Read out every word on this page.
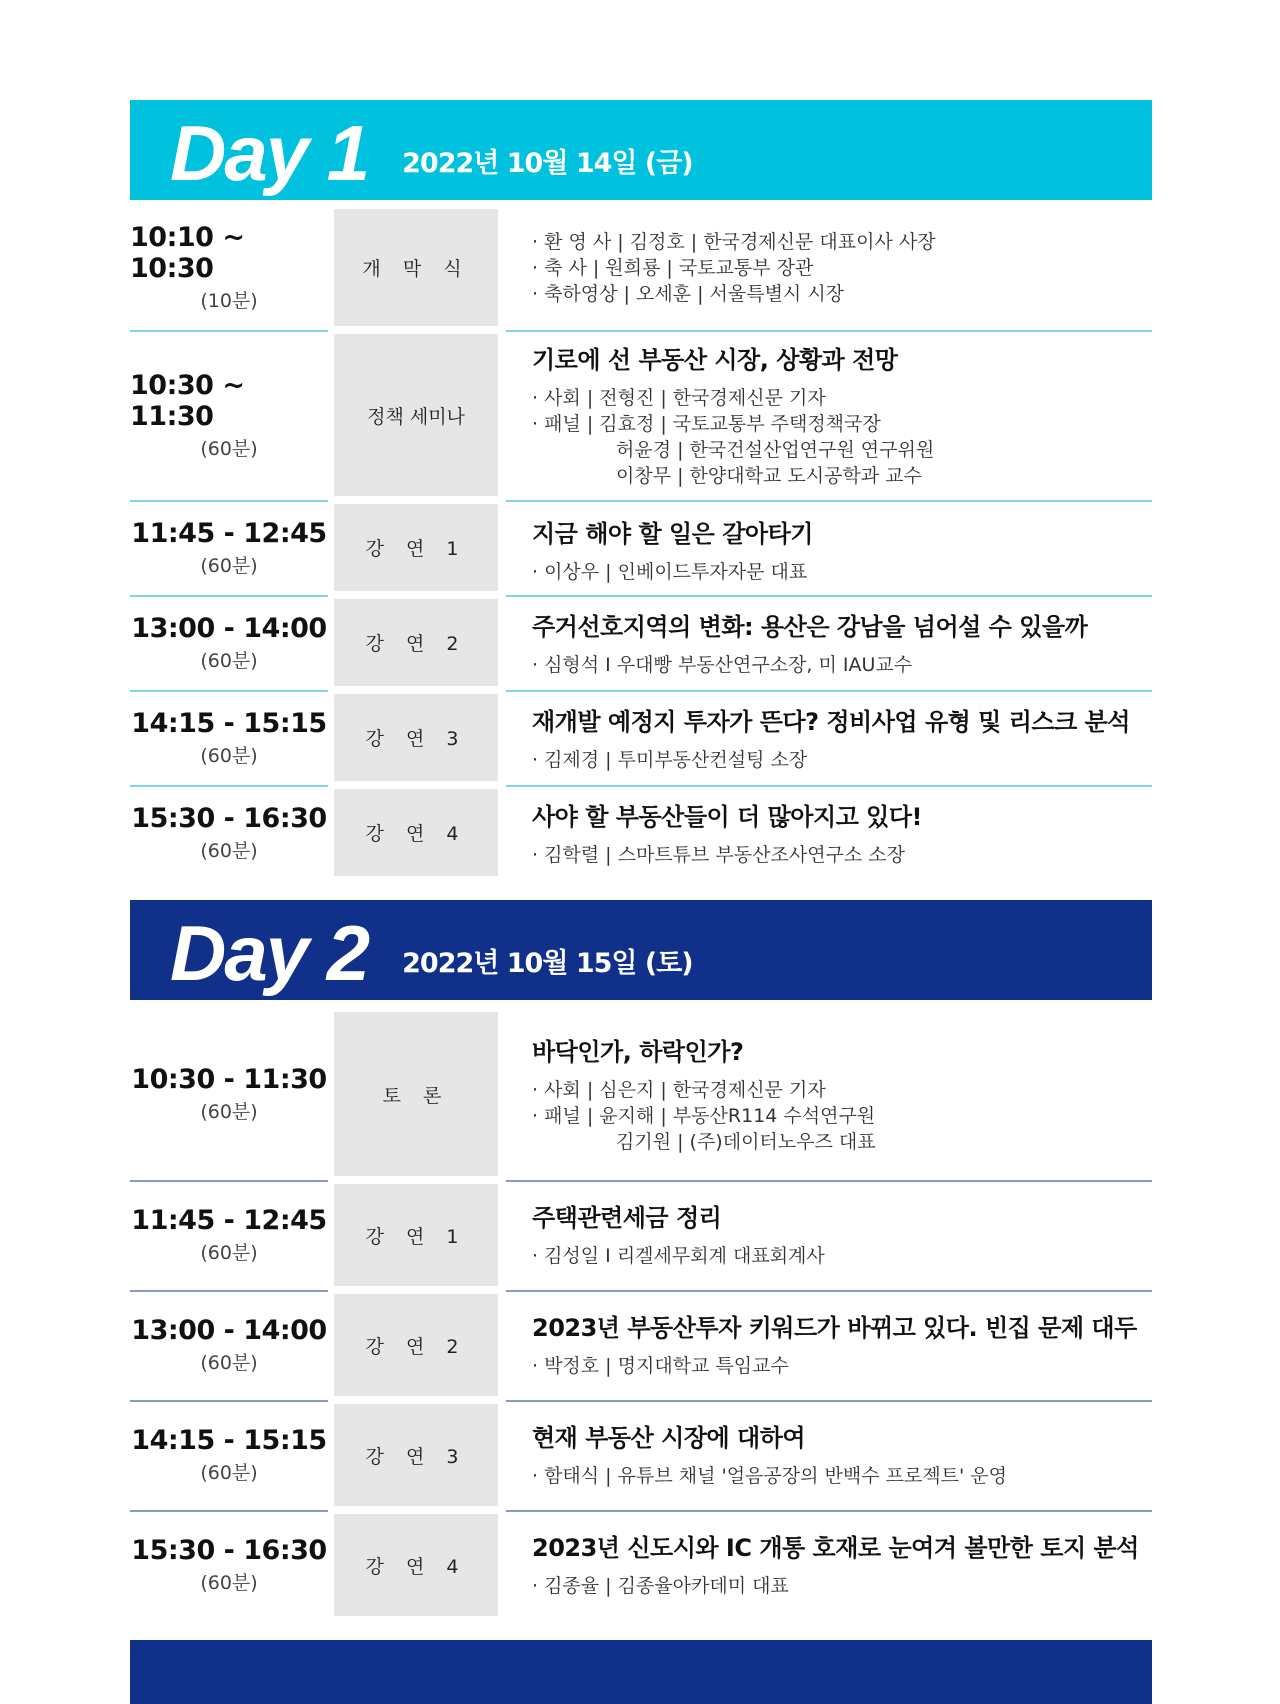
Day 1 2022년 10월 14일 (금)
10:10 ~ 10:30
(10분)
개 막 식
· 환 영 사 | 김정호 | 한국경제신문 대표이사 사장
· 축 사 | 원희룡 | 국토교통부 장관
· 축하영상 | 오세훈 | 서울특별시 시장
10:30 ~ 11:30
(60분)
정책 세미나
기로에 선 부동산 시장, 상황과 전망
· 사회 | 전형진 | 한국경제신문 기자
· 패널 | 김효정 | 국토교통부 주택정책국장
허윤경 | 한국건설산업연구원 연구위원
이창무 | 한양대학교 도시공학과 교수
11:45 - 12:45
(60분)
강 연 1
지금 해야 할 일은 갈아타기
· 이상우 | 인베이드투자자문 대표
13:00 - 14:00
(60분)
강 연 2
주거선호지역의 변화: 용산은 강남을 넘어설 수 있을까
· 심형석 I 우대빵 부동산연구소장, 미 IAU교수
14:15 - 15:15
(60분)
강 연 3
재개발 예정지 투자가 뜬다? 정비사업 유형 및 리스크 분석
· 김제경 | 투미부동산컨설팅 소장
15:30 - 16:30
(60분)
강 연 4
사야 할 부동산들이 더 많아지고 있다!
· 김학렬 | 스마트튜브 부동산조사연구소 소장
Day 2 2022년 10월 15일 (토)
10:30 - 11:30
(60분)
토 론
바닥인가, 하락인가?
· 사회 | 심은지 | 한국경제신문 기자
· 패널 | 윤지해 | 부동산R114 수석연구원
김기원 | (주)데이터노우즈 대표
11:45 - 12:45
(60분)
강 연 1
주택관련세금 정리
· 김성일 I 리겔세무회계 대표회계사
13:00 - 14:00
(60분)
강 연 2
2023년 부동산투자 키워드가 바뀌고 있다. 빈집 문제 대두
· 박정호 | 명지대학교 특임교수
14:15 - 15:15
(60분)
강 연 3
현재 부동산 시장에 대하여
· 함태식 | 유튜브 채널 '얼음공장의 반백수 프로젝트' 운영
15:30 - 16:30
(60분)
강 연 4
2023년 신도시와 IC 개통 호재로 눈여겨 볼만한 토지 분석
· 김종율 | 김종율아카데미 대표
